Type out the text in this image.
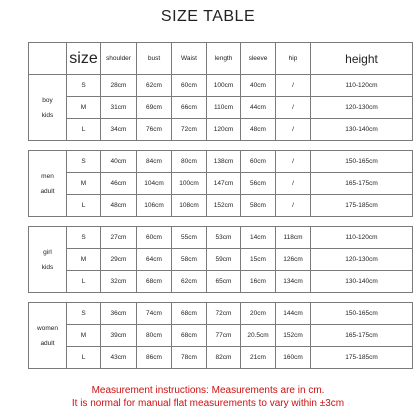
SIZE TABLE
	size	shoulder	bust	Waist	length	sleeve	hip	height

boy
kids	S	28cm	62cm	60cm	100cm	40cm	/	110-120cm
	M	31cm	69cm	66cm	110cm	44cm	/	120-130cm
	L	34cm	76cm	72cm	120cm	48cm	/	130-140cm

men
adult	S	40cm	84cm	80cm	138cm	60cm	/	150-165cm
	M	46cm	104cm	100cm	147cm	56cm	/	165-175cm
	L	48cm	106cm	108cm	152cm	58cm	/	175-185cm

girl
kids	S	27cm	60cm	55cm	53cm	14cm	118cm	110-120cm
	M	29cm	64cm	58cm	59cm	15cm	126cm	120-130cm
	L	32cm	68cm	62cm	65cm	16cm	134cm	130-140cm

women
adult	S	36cm	74cm	68cm	72cm	20cm	144cm	150-165cm
	M	39cm	80cm	68cm	77cm	20.5cm	152cm	165-175cm
	L	43cm	86cm	78cm	82cm	21cm	160cm	175-185cm
Measurement instructions: Measurements are in cm.
It is normal for manual flat measurements to vary within ±3cm
